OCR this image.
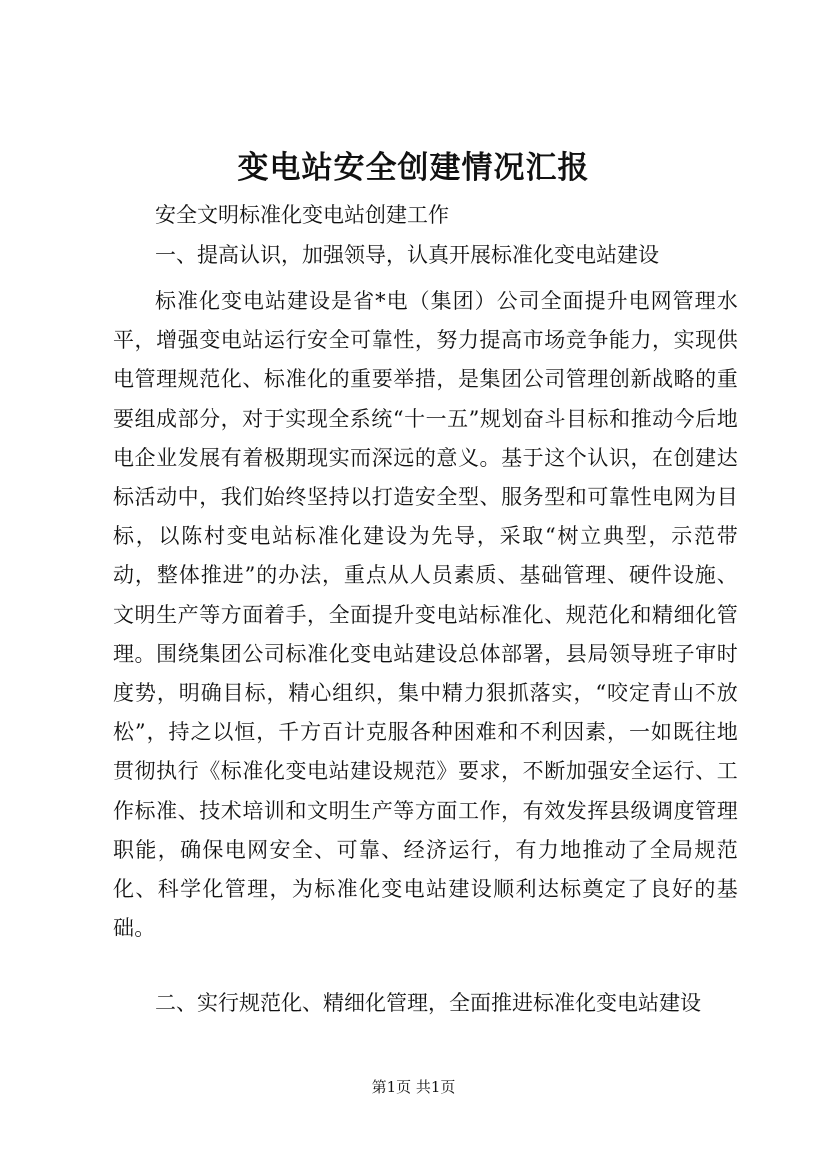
变电站安全创建情况汇报

安全文明标准化变电站创建工作

一、提高认识，加强领导，认真开展标准化变电站建设

标准化变电站建设是省*电（集团）公司全面提升电网管理水平，增强变电站运行安全可靠性，努力提高市场竞争能力，实现供电管理规范化、标准化的重要举措，是集团公司管理创新战略的重要组成部分，对于实现全系统“十一五”规划奋斗目标和推动今后地电企业发展有着极期现实而深远的意义。基于这个认识，在创建达标活动中，我们始终坚持以打造安全型、服务型和可靠性电网为目标，以陈村变电站标准化建设为先导，采取“树立典型，示范带动，整体推进”的办法，重点从人员素质、基础管理、硬件设施、文明生产等方面着手，全面提升变电站标准化、规范化和精细化管理。围绕集团公司标准化变电站建设总体部署，县局领导班子审时度势，明确目标，精心组织，集中精力狠抓落实，“咬定青山不放松”，持之以恒，千方百计克服各种困难和不利因素，一如既往地贯彻执行《标准化变电站建设规范》要求，不断加强安全运行、工作标准、技术培训和文明生产等方面工作，有效发挥县级调度管理职能，确保电网安全、可靠、经济运行，有力地推动了全局规范化、科学化管理，为标准化变电站建设顺利达标奠定了良好的基础。

二、实行规范化、精细化管理，全面推进标准化变电站建设

第1页 共1页
